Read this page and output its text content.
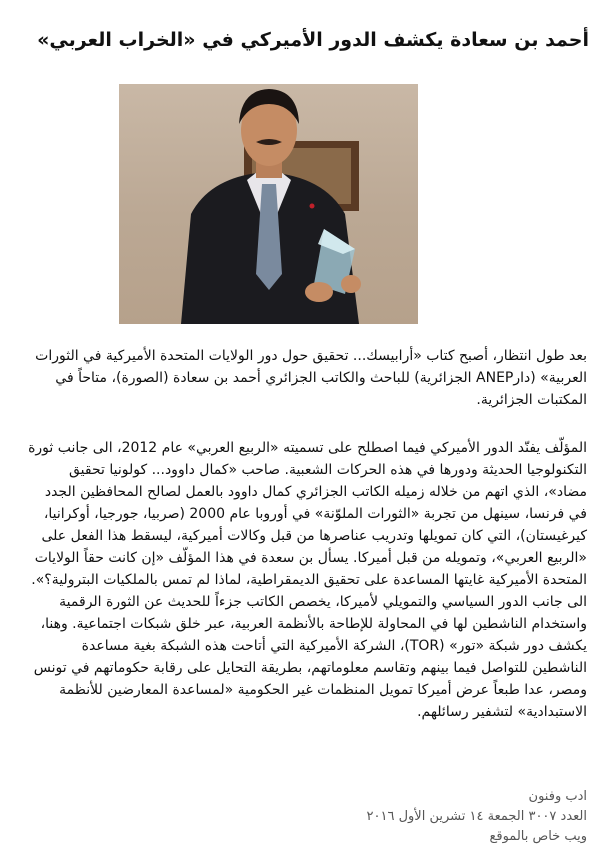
أحمد بن سعادة يكشف الدور الأميركي في «الخراب العربي»

بعد طول انتظار، أصبح كتاب «أرابيسك... تحقيق حول دور الولايات المتحدة الأميركية في الثورات العربية» (دارANEP الجزائرية) للباحث والكاتب الجزائري أحمد بن سعادة (الصورة)، متاحاً في المكتبات الجزائرية.

المؤلّف يفنّد الدور الأميركي فيما اصطلح على تسميته «الربيع العربي» عام 2012، الى جانب ثورة التكنولوجيا الحديثة ودورها في هذه الحركات الشعبية. صاحب «كمال داوود... كولونيا تحقيق مضاد»، الذي اتهم من خلاله زميله الكاتب الجزائري كمال داوود بالعمل لصالح المحافظين الجدد في فرنسا، سينهل من تجربة «الثورات الملوّنة» في أوروبا عام 2000 (صربيا، جورجيا، أوكرانيا، كيرغيستان)، التي كان تمويلها وتدريب عناصرها من قبل وكالات أميركية، ليسقط هذا الفعل على «الربيع العربي»، وتمويله من قبل أميركا. يسأل بن سعدة في هذا المؤلّف «إن كانت حقاً الولايات المتحدة الأميركية غايتها المساعدة على تحقيق الديمقراطية، لماذا لم تمس بالملكيات البترولية؟». الى جانب الدور السياسي والتمويلي لأميركا، يخصص الكاتب جزءاً للحديث عن الثورة الرقمية واستخدام الناشطين لها في المحاولة للإطاحة بالأنظمة العربية، عبر خلق شبكات اجتماعية. وهنا، يكشف دور شبكة «تور» (TOR)، الشركة الأميركية التي أتاحت هذه الشبكة بغية مساعدة الناشطين للتواصل فيما بينهم وتقاسم معلوماتهم، بطريقة التحايل على رقابة حكوماتهم في تونس ومصر، عدا طبعاً عرض أميركا تمويل المنظمات غير الحكومية «لمساعدة المعارضين للأنظمة الاستبدادية» لتشفير رسائلهم.

ادب وفنون
العدد ٣٠٠٧ الجمعة ١٤ تشرين الأول ٢٠١٦
ويب خاص بالموقع
